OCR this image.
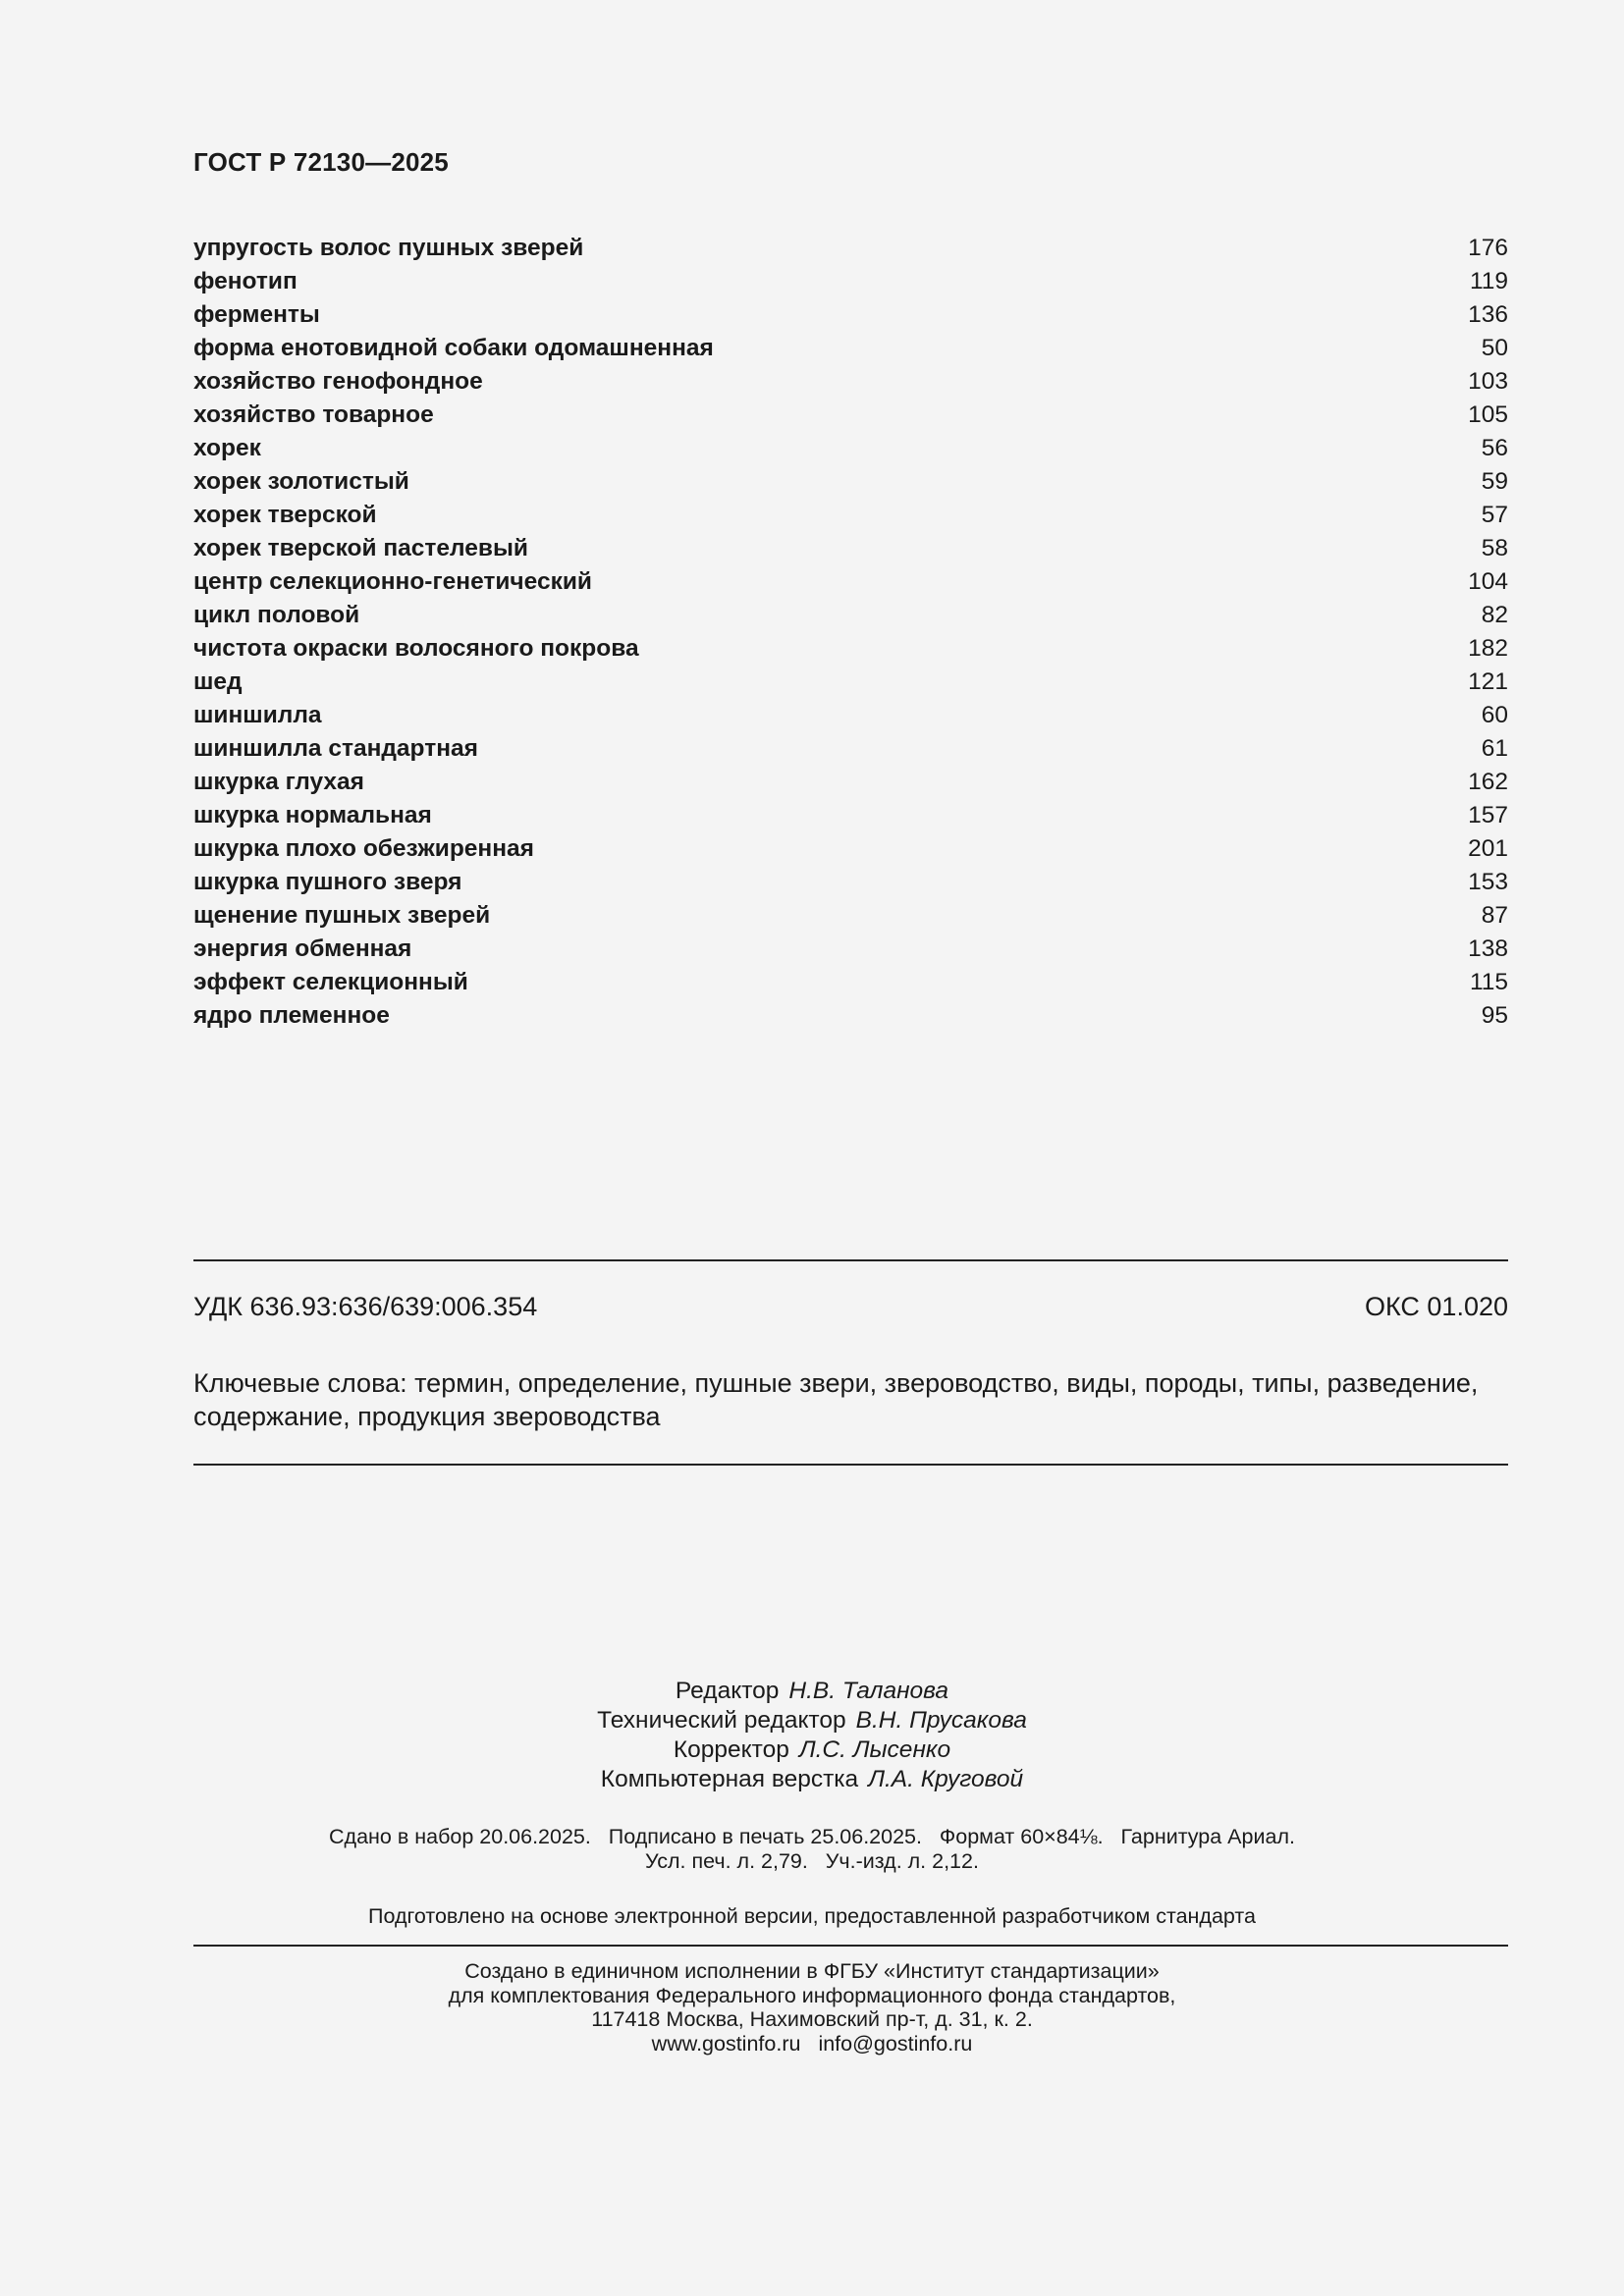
ГОСТ Р 72130—2025
упругость волос пушных зверей	176
фенотип	119
ферменты	136
форма енотовидной собаки одомашненная	50
хозяйство генофондное	103
хозяйство товарное	105
хорек	56
хорек золотистый	59
хорек тверской	57
хорек тверской пастелевый	58
центр селекционно-генетический	104
цикл половой	82
чистота окраски волосяного покрова	182
шед	121
шиншилла	60
шиншилла стандартная	61
шкурка глухая	162
шкурка нормальная	157
шкурка плохо обезжиренная	201
шкурка пушного зверя	153
щенение пушных зверей	87
энергия обменная	138
эффект селекционный	115
ядро племенное	95
УДК 636.93:636/639:006.354	ОКС 01.020
Ключевые слова: термин, определение, пушные звери, звероводство, виды, породы, типы, разведение, содержание, продукция звероводства
Редактор Н.В. Таланова
Технический редактор В.Н. Прусакова
Корректор Л.С. Лысенко
Компьютерная верстка Л.А. Круговой
Сдано в набор 20.06.2025.   Подписано в печать 25.06.2025.   Формат 60×84⅛.   Гарнитура Ариал.
Усл. печ. л. 2,79.   Уч.-изд. л. 2,12.
Подготовлено на основе электронной версии, предоставленной разработчиком стандарта
Создано в единичном исполнении в ФГБУ «Институт стандартизации»
для комплектования Федерального информационного фонда стандартов,
117418 Москва, Нахимовский пр-т, д. 31, к. 2.
www.gostinfo.ru info@gostinfo.ru
